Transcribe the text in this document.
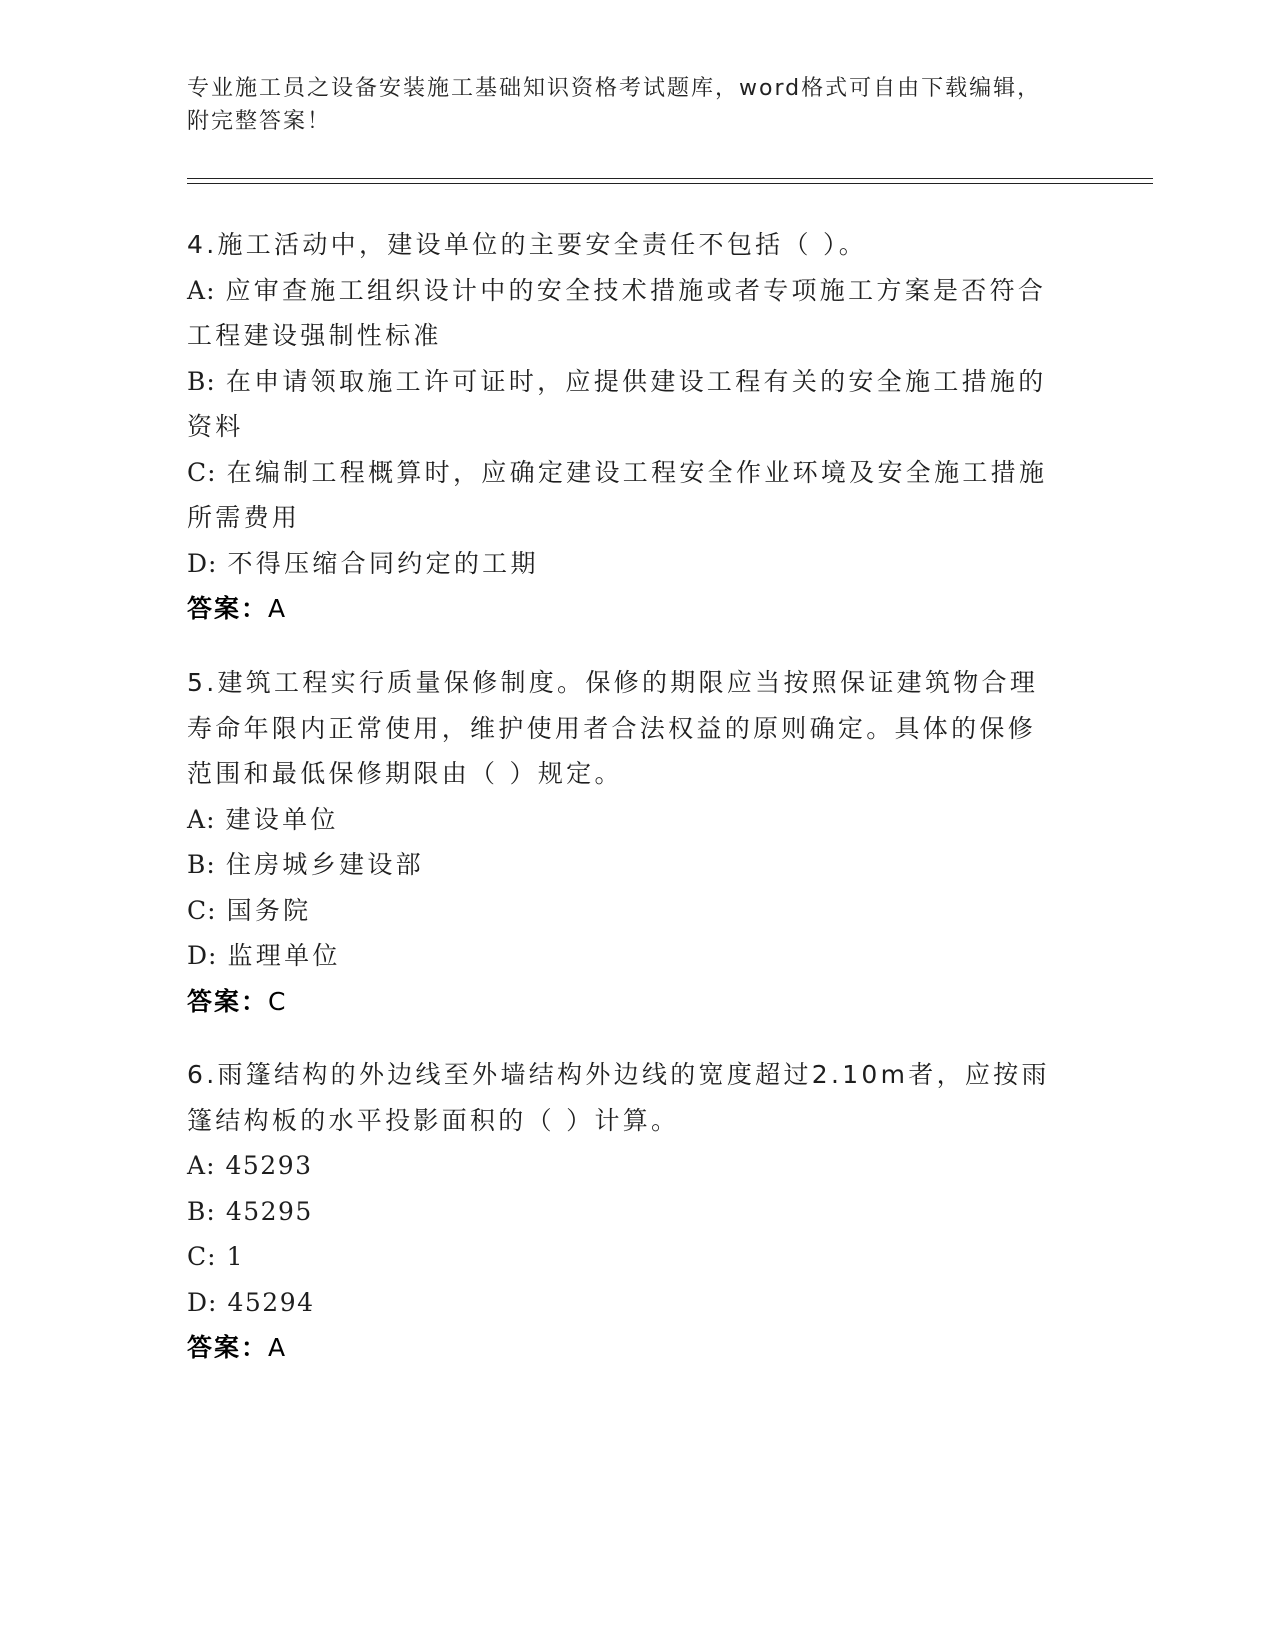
专业施工员之设备安装施工基础知识资格考试题库，word格式可自由下载编辑，
附完整答案！

4.施工活动中，建设单位的主要安全责任不包括（ ）。

A: 应审查施工组织设计中的安全技术措施或者专项施工方案是否符合

工程建设强制性标准

B: 在申请领取施工许可证时，应提供建设工程有关的安全施工措施的

资料

C: 在编制工程概算时，应确定建设工程安全作业环境及安全施工措施

所需费用

D: 不得压缩合同约定的工期

答案：A

5.建筑工程实行质量保修制度。保修的期限应当按照保证建筑物合理

寿命年限内正常使用，维护使用者合法权益的原则确定。具体的保修

范围和最低保修期限由（ ）规定。

A: 建设单位

B: 住房城乡建设部

C: 国务院

D: 监理单位

答案：C

6.雨篷结构的外边线至外墙结构外边线的宽度超过2.10m者，应按雨

篷结构板的水平投影面积的（ ）计算。

A: 45293

B: 45295

C: 1

D: 45294

答案：A
